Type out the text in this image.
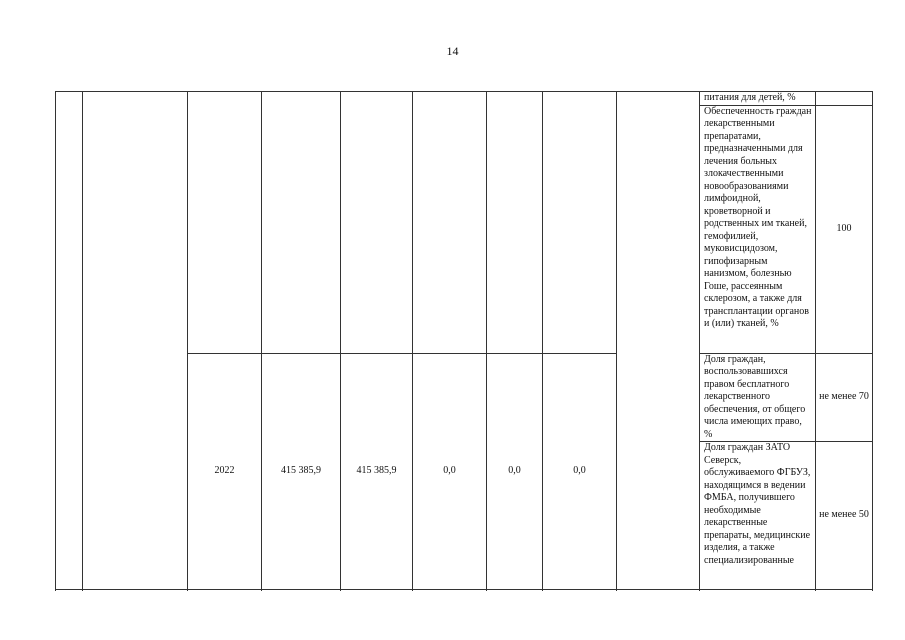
14
									питания для детей, %	
									Обеспеченность граждан лекарственными препаратами, предназначенными для лечения больных злокачественными новообразованиями лимфоидной, кроветворной и родственных им тканей, гемофилией, муковисцидозом, гипофизарным нанизмом, болезнью Гоше, рассеянным склерозом, а также для трансплантации органов и (или) тканей, %	100
		2022	415 385,9	415 385,9	0,0	0,0	0,0		Доля граждан, воспользовавшихся правом бесплатного лекарственного обеспечения, от общего числа имеющих право, %	не менее 70
									Доля граждан ЗАТО Северск, обслуживаемого ФГБУЗ, находящимся в ведении ФМБА, получившего необходимые лекарственные препараты, медицинские изделия, а также специализированные	не менее 50
